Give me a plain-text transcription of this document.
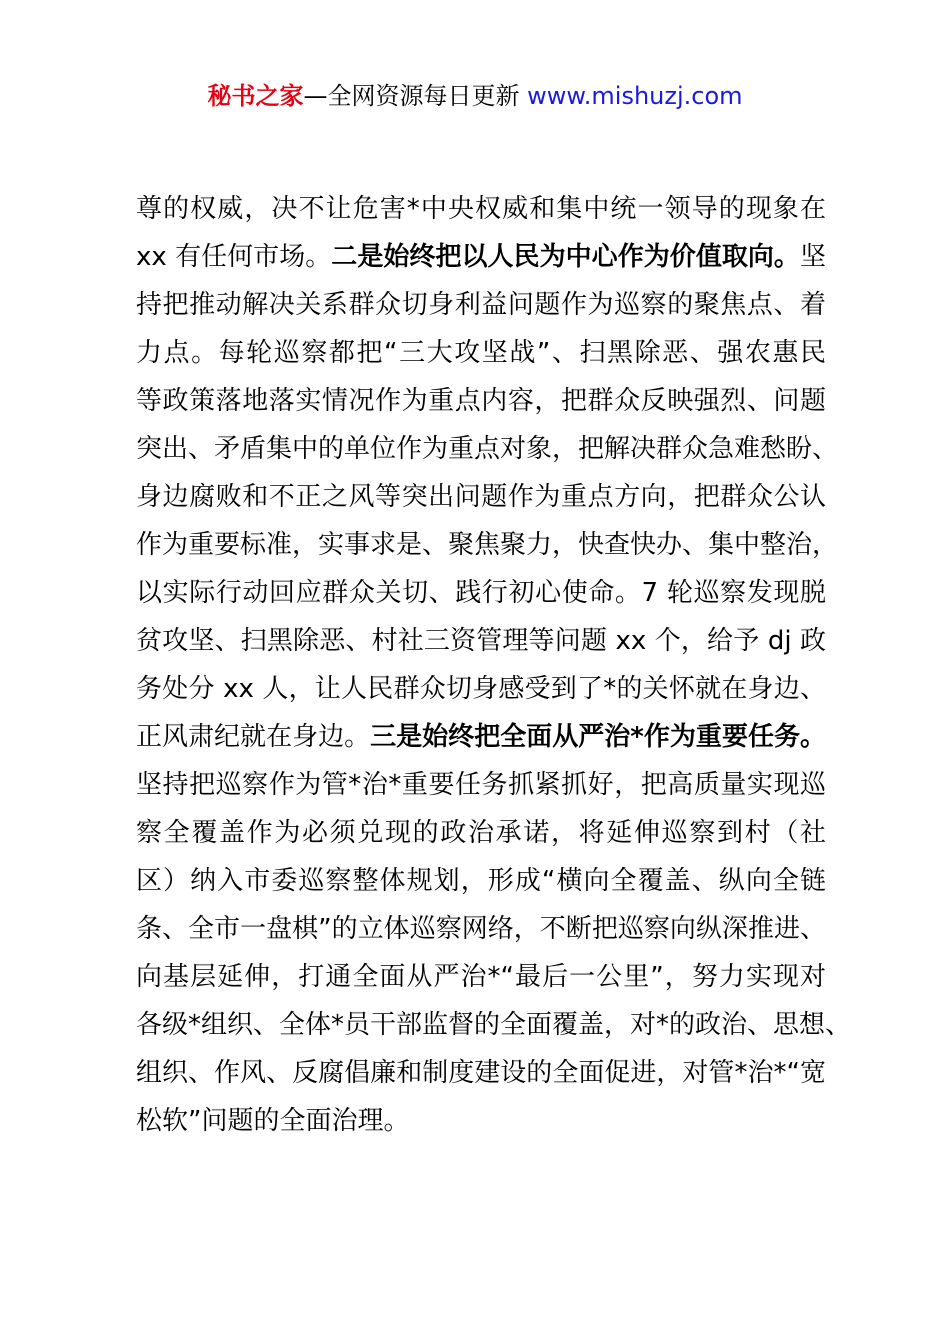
秘书之家—全网资源每日更新 www.mishuzj.com
尊的权威，决不让危害*中央权威和集中统一领导的现象在
xx 有任何市场。二是始终把以人民为中心作为价值取向。坚
持把推动解决关系群众切身利益问题作为巡察的聚焦点、着
力点。每轮巡察都把“三大攻坚战”、扫黑除恶、强农惠民
等政策落地落实情况作为重点内容，把群众反映强烈、问题
突出、矛盾集中的单位作为重点对象，把解决群众急难愁盼、
身边腐败和不正之风等突出问题作为重点方向，把群众公认
作为重要标准，实事求是、聚焦聚力，快查快办、集中整治，
以实际行动回应群众关切、践行初心使命。7 轮巡察发现脱
贫攻坚、扫黑除恶、村社三资管理等问题 xx 个，给予 dj 政
务处分 xx 人，让人民群众切身感受到了*的关怀就在身边、
正风肃纪就在身边。三是始终把全面从严治*作为重要任务。
坚持把巡察作为管*治*重要任务抓紧抓好，把高质量实现巡
察全覆盖作为必须兑现的政治承诺，将延伸巡察到村（社
区）纳入市委巡察整体规划，形成“横向全覆盖、纵向全链
条、全市一盘棋”的立体巡察网络，不断把巡察向纵深推进、
向基层延伸，打通全面从严治*“最后一公里”，努力实现对
各级*组织、全体*员干部监督的全面覆盖，对*的政治、思想、
组织、作风、反腐倡廉和制度建设的全面促进，对管*治*“宽
松软”问题的全面治理。
